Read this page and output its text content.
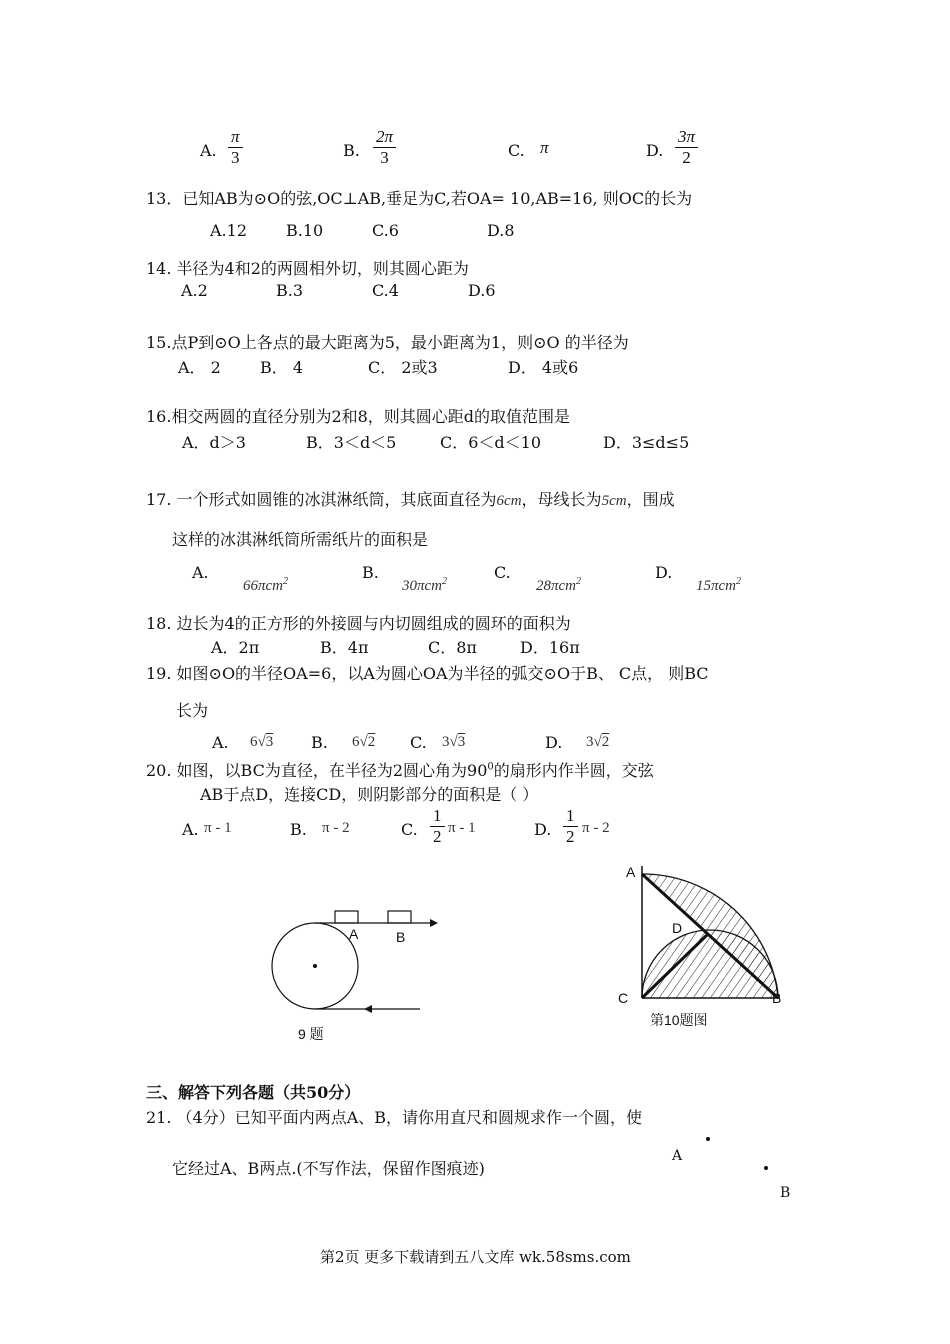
A. $\frac{\pi}{3}$	B. $\frac{2\pi}{3}$	C. π	D. $\frac{3\pi}{2}$
13．已知AB为⊙O的弦,OC⊥AB,垂足为C,若OA= 10,AB=16, 则OC的长为
A.12 B.10	C.6	D.8
14. 半径为4和2的两圆相外切，则其圆心距为
A.2	B.3	C.4	D.6
15.点P到⊙O上各点的最大距离为5，最小距离为1，则⊙O 的半径为
A． 2 B． 4	C． 2或3	D． 4或6
16.相交两圆的直径分别为2和8，则其圆心距d的取值范围是
A．d＞3	B．3＜d＜5	C．6＜d＜10	D．3≤d≤5
17. 一个形式如圆锥的冰淇淋纸筒，其底面直径为6cm，母线长为5cm，围成
这样的冰淇淋纸筒所需纸片的面积是
A.
66πcm$^2$	B.
30πcm$^2$	C.
28πcm$^2$	D.
15πcm$^2$
18. 边长为4的正方形的外接圆与内切圆组成的圆环的面积为
A．2π	B．4π	C．8π	D．16π
19. 如图⊙O的半径OA=6，以A为圆心OA为半径的弧交⊙O于B、 C点， 则BC
长为
A. 6√3 B. 6√2 C. 3√3	D. 3√2
20. 如图，以BC为直径，在半径为2圆心角为$90^0$的扇形内作半圆，交弦
AB于点D，连接CD，则阴影部分的面积是（ ）
A. π - 1	B. π - 2	C. $\frac{1}{2}$ π - 1	D. $\frac{1}{2}$ π - 2
A	B
9 题
A
D
C	B
第10题图
三、解答下列各题（共50分）
21. （4分）已知平面内两点A、B，请你用直尺和圆规求作一个圆，使
它经过A、B两点.(不写作法，保留作图痕迹)
A
B
第2页 更多下载请到五八文库 wk.58sms.com
